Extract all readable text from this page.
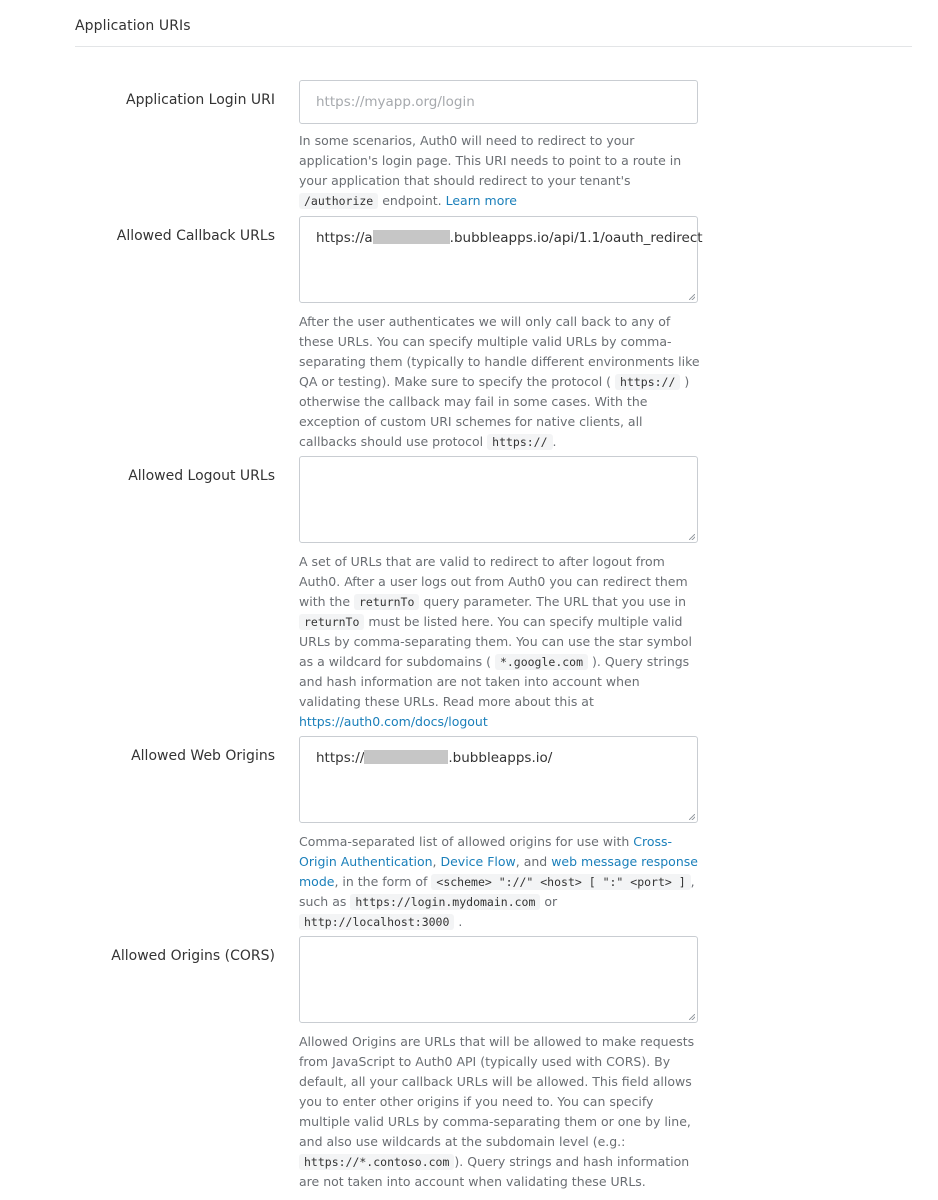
Application URIs
Application Login URI	https://myapp.org/login
In some scenarios, Auth0 will need to redirect to your application's login page. This URI needs to point to a route in your application that should redirect to your tenant's /authorize endpoint. Learn more
Allowed Callback URLs	https://a	.bubbleapps.io/api/1.1/oauth_redirect
After the user authenticates we will only call back to any of these URLs. You can specify multiple valid URLs by comma-separating them (typically to handle different environments like QA or testing). Make sure to specify the protocol ( https:// ) otherwise the callback may fail in some cases. With the exception of custom URI schemes for native clients, all callbacks should use protocol https:// .
Allowed Logout URLs
A set of URLs that are valid to redirect to after logout from Auth0. After a user logs out from Auth0 you can redirect them with the returnTo query parameter. The URL that you use in returnTo must be listed here. You can specify multiple valid URLs by comma-separating them. You can use the star symbol as a wildcard for subdomains ( *.google.com ). Query strings and hash information are not taken into account when validating these URLs. Read more about this at https://auth0.com/docs/logout
Allowed Web Origins	https://	.bubbleapps.io/
Comma-separated list of allowed origins for use with Cross-Origin Authentication, Device Flow, and web message response mode, in the form of <scheme> "://" <host> [ ":" <port> ] , such as https://login.mydomain.com or http://localhost:3000 .
Allowed Origins (CORS)
Allowed Origins are URLs that will be allowed to make requests from JavaScript to Auth0 API (typically used with CORS). By default, all your callback URLs will be allowed. This field allows you to enter other origins if you need to. You can specify multiple valid URLs by comma-separating them or one by line, and also use wildcards at the subdomain level (e.g.: https://*.contoso.com ). Query strings and hash information are not taken into account when validating these URLs.
